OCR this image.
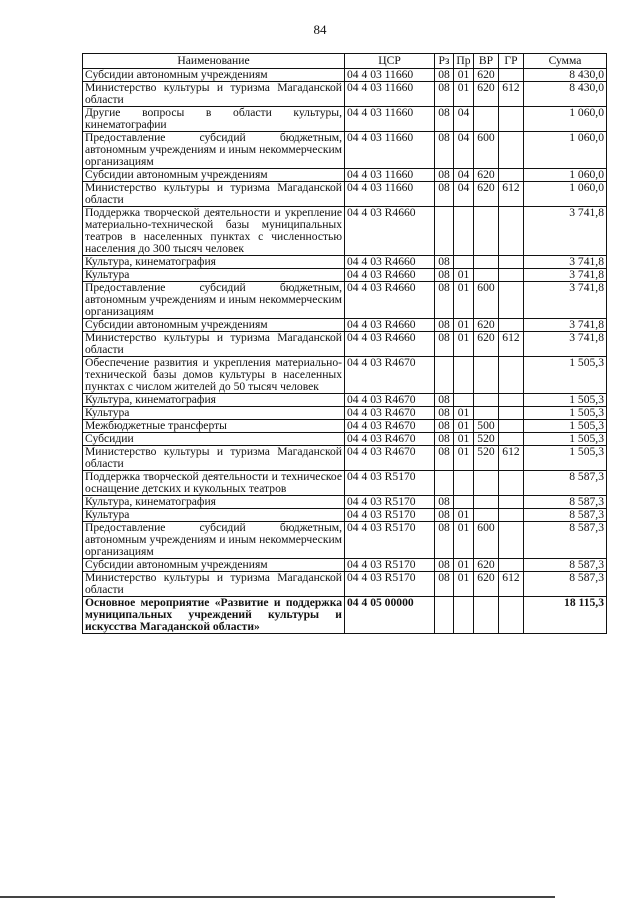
84
Наименование	ЦСР	Рз	Пр	ВР	ГР	Сумма
Субсидии автономным учреждениям	04 4 03 11660	08	01	620		8 430,0
Министерство культуры и туризма Магаданской области	04 4 03 11660	08	01	620	612	8 430,0
Другие вопросы в области культуры, кинематографии	04 4 03 11660	08	04			1 060,0
Предоставление субсидий бюджетным, автономным учреждениям и иным некоммерческим организациям	04 4 03 11660	08	04	600		1 060,0
Субсидии автономным учреждениям	04 4 03 11660	08	04	620		1 060,0
Министерство культуры и туризма Магаданской области	04 4 03 11660	08	04	620	612	1 060,0
Поддержка творческой деятельности и укрепление материально-технической базы муниципальных театров в населенных пунктах с численностью населения до 300 тысяч человек	04 4 03 R4660					3 741,8
Культура, кинематография	04 4 03 R4660	08				3 741,8
Культура	04 4 03 R4660	08	01			3 741,8
Предоставление субсидий бюджетным, автономным учреждениям и иным некоммерческим организациям	04 4 03 R4660	08	01	600		3 741,8
Субсидии автономным учреждениям	04 4 03 R4660	08	01	620		3 741,8
Министерство культуры и туризма Магаданской области	04 4 03 R4660	08	01	620	612	3 741,8
Обеспечение развития и укрепления материально-технической базы домов культуры в населенных пунктах с числом жителей до 50 тысяч человек	04 4 03 R4670					1 505,3
Культура, кинематография	04 4 03 R4670	08				1 505,3
Культура	04 4 03 R4670	08	01			1 505,3
Межбюджетные трансферты	04 4 03 R4670	08	01	500		1 505,3
Субсидии	04 4 03 R4670	08	01	520		1 505,3
Министерство культуры и туризма Магаданской области	04 4 03 R4670	08	01	520	612	1 505,3
Поддержка творческой деятельности и техническое оснащение детских и кукольных театров	04 4 03 R5170					8 587,3
Культура, кинематография	04 4 03 R5170	08				8 587,3
Культура	04 4 03 R5170	08	01			8 587,3
Предоставление субсидий бюджетным, автономным учреждениям и иным некоммерческим организациям	04 4 03 R5170	08	01	600		8 587,3
Субсидии автономным учреждениям	04 4 03 R5170	08	01	620		8 587,3
Министерство культуры и туризма Магаданской области	04 4 03 R5170	08	01	620	612	8 587,3
Основное мероприятие «Развитие и поддержка муниципальных учреждений культуры и искусства Магаданской области»	04 4 05 00000					18 115,3
